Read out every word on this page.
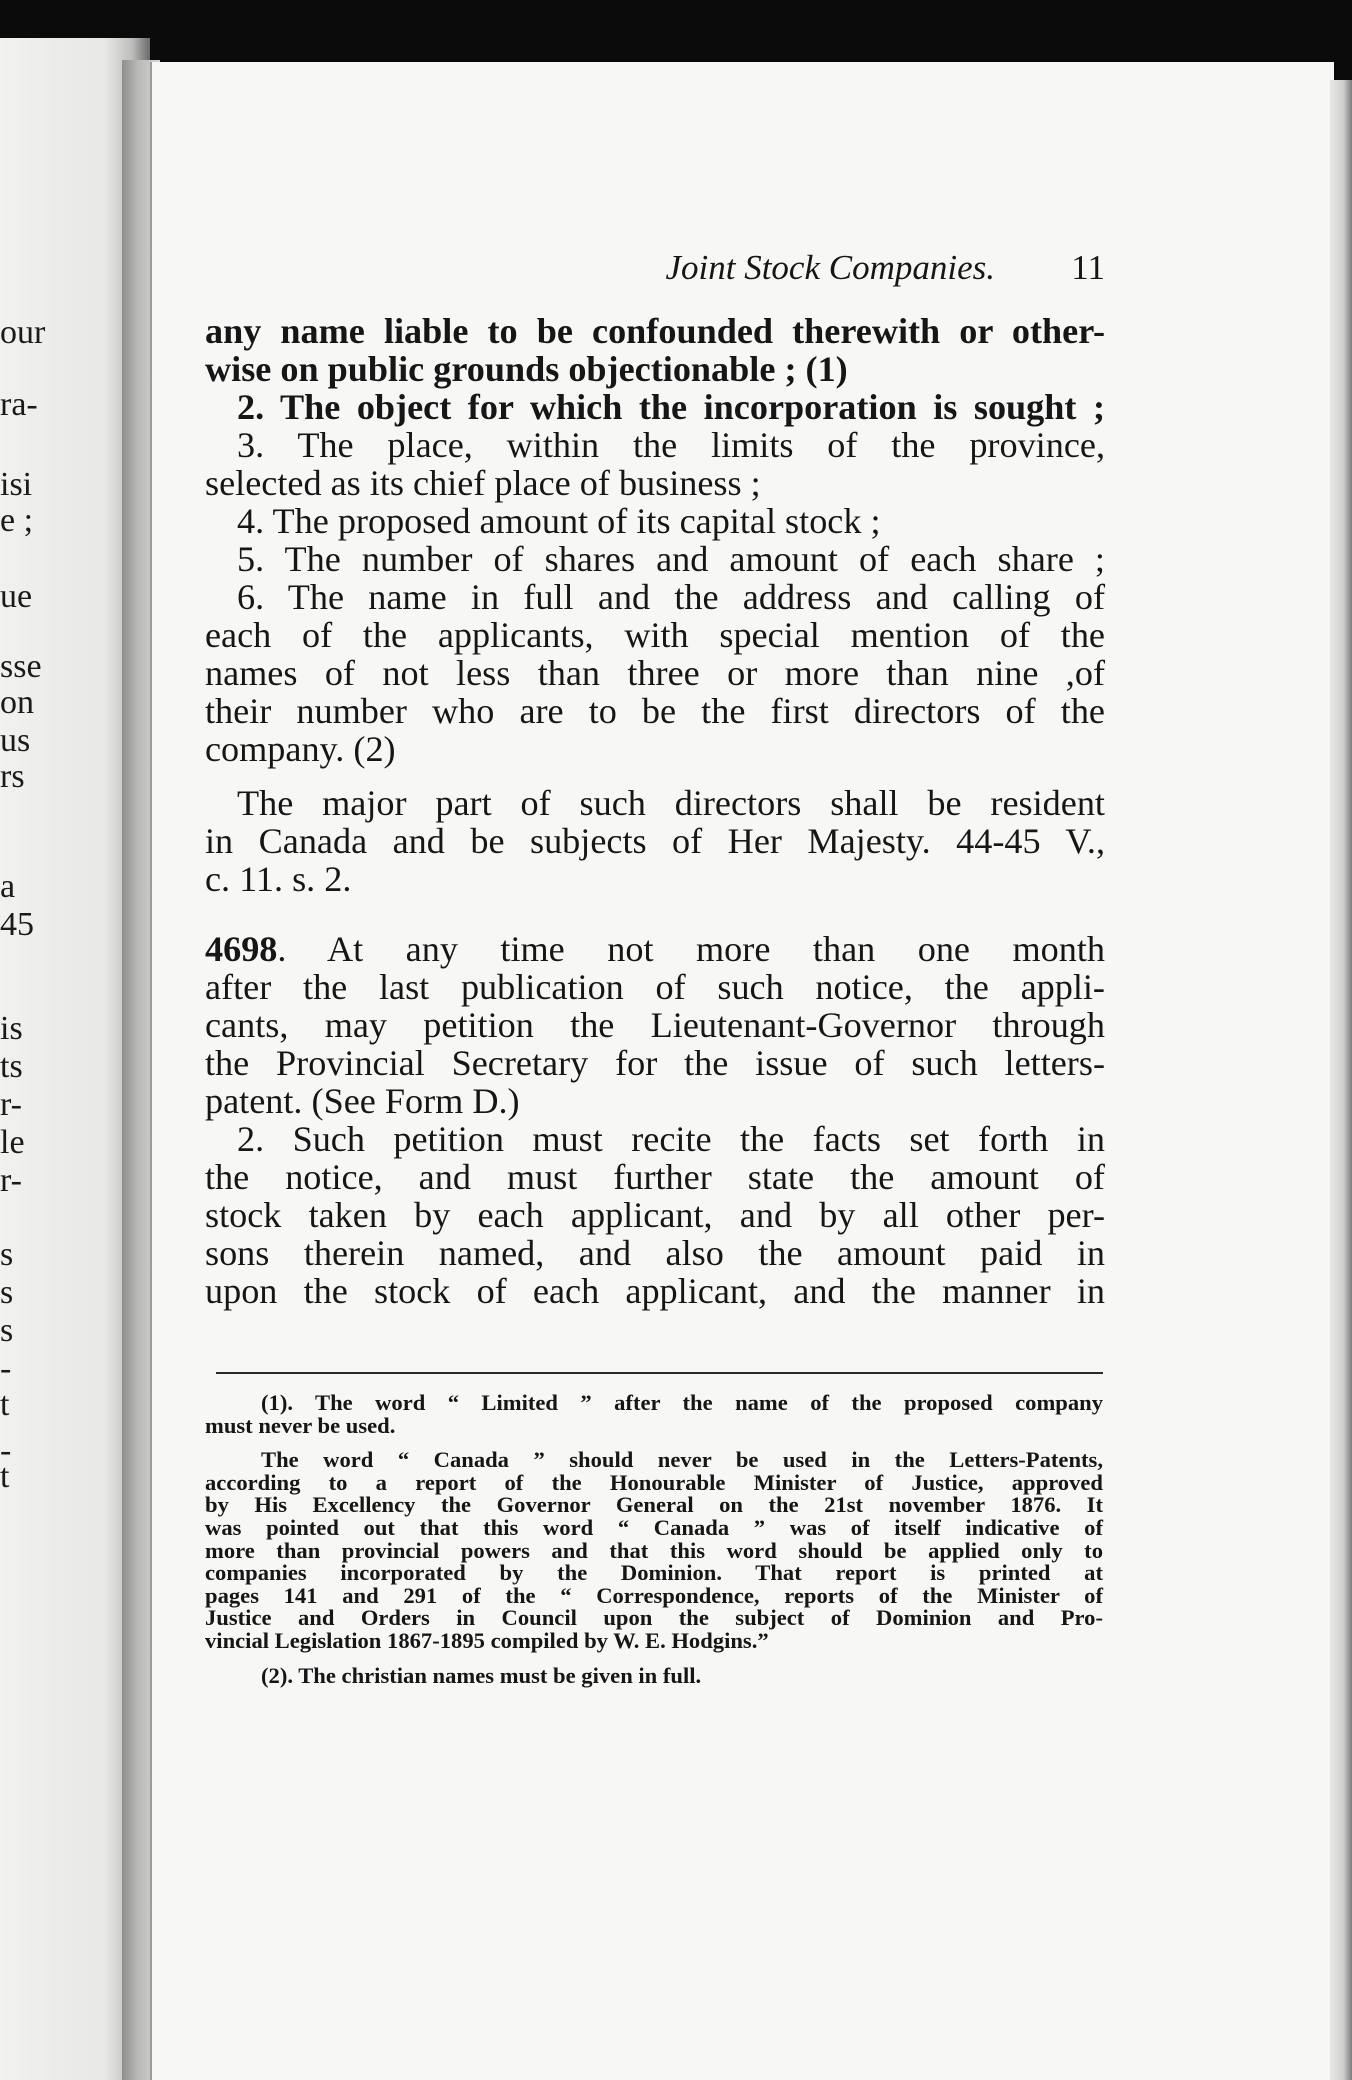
our
ra-
isi
e ;
ue
sse
on
us
rs
a
45
is
ts
r-
le
r-
s
s
s
-
t
-
t
Joint Stock Companies. 11
any name liable to be confounded therewith or other-
wise on public grounds objectionable ; (1)
2. The object for which the incorporation is sought ;
3. The place, within the limits of the province,
selected as its chief place of business ;
4. The proposed amount of its capital stock ;
5. The number of shares and amount of each share ;
6. The name in full and the address and calling of
each of the applicants, with special mention of the
names of not less than three or more than nine ,of
their number who are to be the first directors of the
company. (2)
The major part of such directors shall be resident
in Canada and be subjects of Her Majesty. 44-45 V.,
c. 11. s. 2.
4698. At any time not more than one month
after the last publication of such notice, the appli-
cants, may petition the Lieutenant-Governor through
the Provincial Secretary for the issue of such letters-
patent. (See Form D.)
2. Such petition must recite the facts set forth in
the notice, and must further state the amount of
stock taken by each applicant, and by all other per-
sons therein named, and also the amount paid in
upon the stock of each applicant, and the manner in
(1). The word “ Limited ” after the name of the proposed company
must never be used.
The word “ Canada ” should never be used in the Letters-Patents,
according to a report of the Honourable Minister of Justice, approved
by His Excellency the Governor General on the 21st november 1876. It
was pointed out that this word “ Canada ” was of itself indicative of
more than provincial powers and that this word should be applied only to
companies incorporated by the Dominion. That report is printed at
pages 141 and 291 of the “ Correspondence, reports of the Minister of
Justice and Orders in Council upon the subject of Dominion and Pro-
vincial Legislation 1867-1895 compiled by W. E. Hodgins.”
(2). The christian names must be given in full.
